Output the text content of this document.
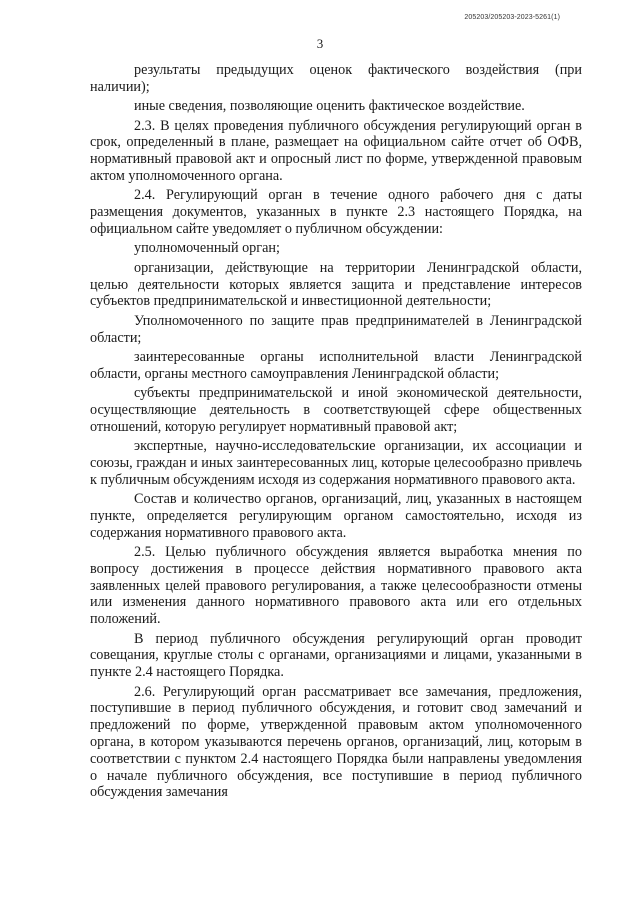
205203/205203-2023-5261(1)
3

результаты предыдущих оценок фактического воздействия (при наличии);

иные сведения, позволяющие оценить фактическое воздействие.

2.3. В целях проведения публичного обсуждения регулирующий орган в срок, определенный в плане, размещает на официальном сайте отчет об ОФВ, нормативный правовой акт и опросный лист по форме, утвержденной правовым актом уполномоченного органа.

2.4. Регулирующий орган в течение одного рабочего дня с даты размещения документов, указанных в пункте 2.3 настоящего Порядка, на официальном сайте уведомляет о публичном обсуждении:

уполномоченный орган;

организации, действующие на территории Ленинградской области, целью деятельности которых является защита и представление интересов субъектов предпринимательской и инвестиционной деятельности;

Уполномоченного по защите прав предпринимателей в Ленинградской области;

заинтересованные органы исполнительной власти Ленинградской области, органы местного самоуправления Ленинградской области;

субъекты предпринимательской и иной экономической деятельности, осуществляющие деятельность в соответствующей сфере общественных отношений, которую регулирует нормативный правовой акт;

экспертные, научно-исследовательские организации, их ассоциации и союзы, граждан и иных заинтересованных лиц, которые целесообразно привлечь к публичным обсуждениям исходя из содержания нормативного правового акта.

Состав и количество органов, организаций, лиц, указанных в настоящем пункте, определяется регулирующим органом самостоятельно, исходя из содержания нормативного правового акта.

2.5. Целью публичного обсуждения является выработка мнения по вопросу достижения в процессе действия нормативного правового акта заявленных целей правового регулирования, а также целесообразности отмены или изменения данного нормативного правового акта или его отдельных положений.

В период публичного обсуждения регулирующий орган проводит совещания, круглые столы с органами, организациями и лицами, указанными в пункте 2.4 настоящего Порядка.

2.6. Регулирующий орган рассматривает все замечания, предложения, поступившие в период публичного обсуждения, и готовит свод замечаний и предложений по форме, утвержденной правовым актом уполномоченного органа, в котором указываются перечень органов, организаций, лиц, которым в соответствии с пунктом 2.4 настоящего Порядка были направлены уведомления о начале публичного обсуждения, все поступившие в период публичного обсуждения замечания
